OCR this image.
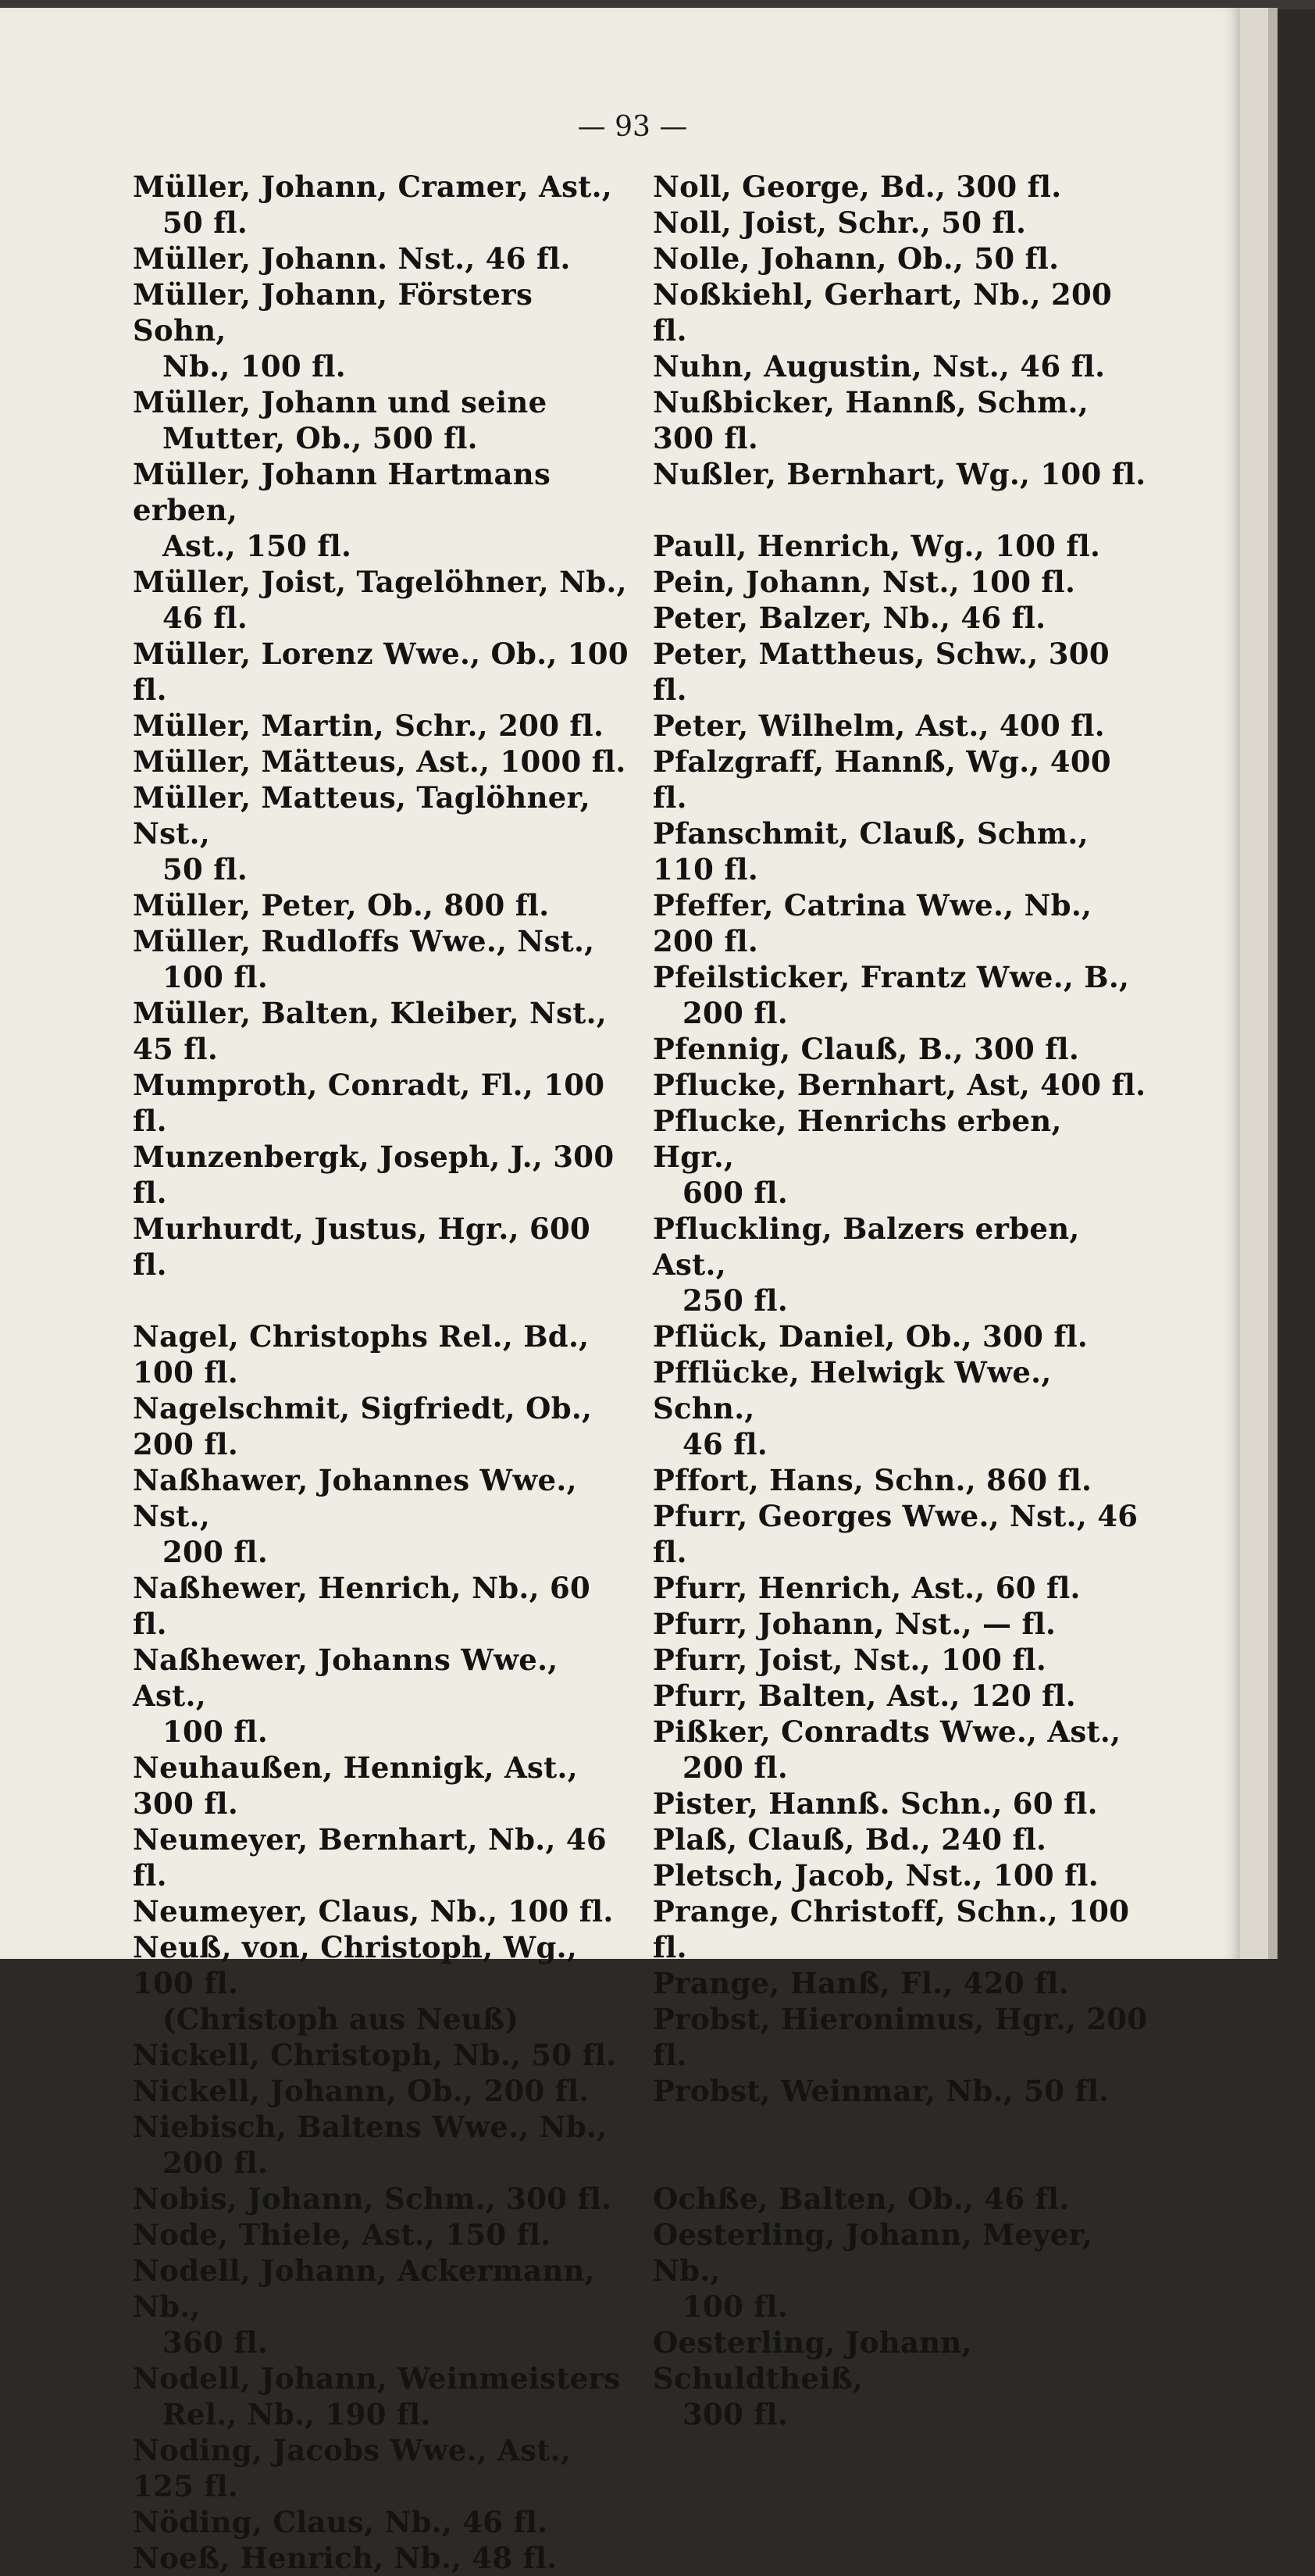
— 93 —
Müller, Johann, Cramer, Ast.,
50 fl.
Müller, Johann. Nst., 46 fl.
Müller, Johann, Försters Sohn,
Nb., 100 fl.
Müller, Johann und seine
Mutter, Ob., 500 fl.
Müller, Johann Hartmans erben,
Ast., 150 fl.
Müller, Joist, Tagelöhner, Nb.,
46 fl.
Müller, Lorenz Wwe., Ob., 100 fl.
Müller, Martin, Schr., 200 fl.
Müller, Mätteus, Ast., 1000 fl.
Müller, Matteus, Taglöhner, Nst.,
50 fl.
Müller, Peter, Ob., 800 fl.
Müller, Rudloffs Wwe., Nst.,
100 fl.
Müller, Balten, Kleiber, Nst., 45 fl.
Mumproth, Conradt, Fl., 100 fl.
Munzenbergk, Joseph, J., 300 fl.
Murhurdt, Justus, Hgr., 600 fl.
Nagel, Christophs Rel., Bd., 100 fl.
Nagelschmit, Sigfriedt, Ob., 200 fl.
Naßhawer, Johannes Wwe., Nst.,
200 fl.
Naßhewer, Henrich, Nb., 60 fl.
Naßhewer, Johanns Wwe., Ast.,
100 fl.
Neuhaußen, Hennigk, Ast., 300 fl.
Neumeyer, Bernhart, Nb., 46 fl.
Neumeyer, Claus, Nb., 100 fl.
Neuß, von, Christoph, Wg., 100 fl.
(Christoph aus Neuß)
Nickell, Christoph, Nb., 50 fl.
Nickell, Johann, Ob., 200 fl.
Niebisch, Baltens Wwe., Nb.,
200 fl.
Nobis, Johann, Schm., 300 fl.
Node, Thiele, Ast., 150 fl.
Nodell, Johann, Ackermann, Nb.,
360 fl.
Nodell, Johann, Weinmeisters
Rel., Nb., 190 fl.
Noding, Jacobs Wwe., Ast., 125 fl.
Nöding, Claus, Nb., 46 fl.
Noeß, Henrich, Nb., 48 fl.
Noll, George, Bd., 300 fl.
Noll, Joist, Schr., 50 fl.
Nolle, Johann, Ob., 50 fl.
Noßkiehl, Gerhart, Nb., 200 fl.
Nuhn, Augustin, Nst., 46 fl.
Nußbicker, Hannß, Schm., 300 fl.
Nußler, Bernhart, Wg., 100 fl.
Paull, Henrich, Wg., 100 fl.
Pein, Johann, Nst., 100 fl.
Peter, Balzer, Nb., 46 fl.
Peter, Mattheus, Schw., 300 fl.
Peter, Wilhelm, Ast., 400 fl.
Pfalzgraff, Hannß, Wg., 400 fl.
Pfanschmit, Clauß, Schm., 110 fl.
Pfeffer, Catrina Wwe., Nb., 200 fl.
Pfeilsticker, Frantz Wwe., B.,
200 fl.
Pfennig, Clauß, B., 300 fl.
Pflucke, Bernhart, Ast, 400 fl.
Pflucke, Henrichs erben, Hgr.,
600 fl.
Pfluckling, Balzers erben, Ast.,
250 fl.
Pflück, Daniel, Ob., 300 fl.
Pfflücke, Helwigk Wwe., Schn.,
46 fl.
Pffort, Hans, Schn., 860 fl.
Pfurr, Georges Wwe., Nst., 46 fl.
Pfurr, Henrich, Ast., 60 fl.
Pfurr, Johann, Nst., — fl.
Pfurr, Joist, Nst., 100 fl.
Pfurr, Balten, Ast., 120 fl.
Pißker, Conradts Wwe., Ast.,
200 fl.
Pister, Hannß. Schn., 60 fl.
Plaß, Clauß, Bd., 240 fl.
Pletsch, Jacob, Nst., 100 fl.
Prange, Christoff, Schn., 100 fl.
Prange, Hanß, Fl., 420 fl.
Probst, Hieronimus, Hgr., 200 fl.
Probst, Weinmar, Nb., 50 fl.
Ochße, Balten, Ob., 46 fl.
Oesterling, Johann, Meyer, Nb.,
100 fl.
Oesterling, Johann, Schuldtheiß,
300 fl.
